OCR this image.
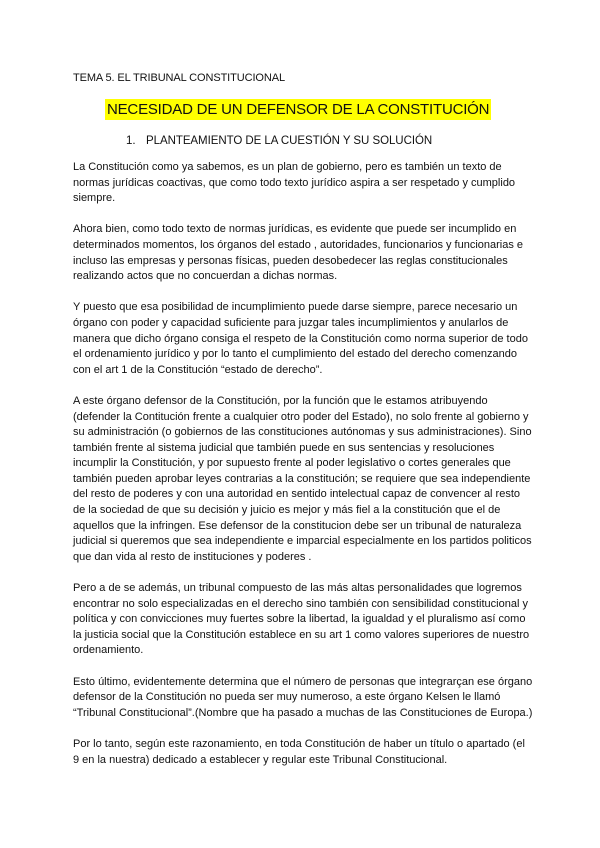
TEMA 5. EL TRIBUNAL CONSTITUCIONAL
NECESIDAD DE UN DEFENSOR DE LA CONSTITUCIÓN
1. PLANTEAMIENTO DE LA CUESTIÓN Y SU SOLUCIÓN

La Constitución como ya sabemos, es un plan de gobierno, pero es también un texto de normas jurídicas coactivas, que como todo texto jurídico aspira a ser respetado y cumplido siempre.

Ahora bien, como todo texto de normas jurídicas, es evidente que puede ser incumplido en determinados momentos, los órganos del estado , autoridades, funcionarios y funcionarias e incluso las empresas y personas físicas, pueden desobedecer las reglas constitucionales realizando actos que no concuerdan a dichas normas.

Y puesto que esa posibilidad de incumplimiento puede darse siempre, parece necesario un órgano con poder y capacidad suficiente para juzgar tales incumplimientos y anularlos de manera que dicho órgano consiga el respeto de la Constitución como norma superior de todo el ordenamiento jurídico y por lo tanto el cumplimiento del estado del derecho comenzando con el art 1 de la Constitución “estado de derecho”.

A este órgano defensor de la Constitución, por la función que le estamos atribuyendo (defender la Contitución frente a cualquier otro poder del Estado), no solo frente al gobierno y su administración (o gobiernos de las constituciones autónomas y sus administraciones). Sino también frente al sistema judicial que también puede en sus sentencias y resoluciones incumplir la Constitución, y por supuesto frente al poder legislativo o cortes generales que también pueden aprobar leyes contrarias a la constitución; se requiere que sea independiente del resto de poderes y con una autoridad en sentido intelectual capaz de convencer al resto de la sociedad de que su decisión y juicio es mejor y más fiel a la constitución que el de aquellos que la infringen. Ese defensor de la constitucion debe ser un tribunal de naturaleza judicial si queremos que sea independiente e imparcial especialmente en los partidos politicos que dan vida al resto de instituciones y poderes .

Pero a de se además, un tribunal compuesto de las más altas personalidades que logremos encontrar no solo especializadas en el derecho sino también con sensibilidad constitucional y política y con convicciones muy fuertes sobre la libertad, la igualdad y el pluralismo así como la justicia social que la Constitución establece en su art 1 como valores superiores de nuestro ordenamiento.

Esto último, evidentemente determina que el número de personas que integrarçan ese órgano defensor de la Constitución no pueda ser muy numeroso, a este órgano Kelsen le llamó “Tribunal Constitucional”.(Nombre que ha pasado a muchas de las Constituciones de Europa.)

Por lo tanto, según este razonamiento, en toda Constitución de haber un título o apartado (el 9 en la nuestra) dedicado a establecer y regular este Tribunal Constitucional.
